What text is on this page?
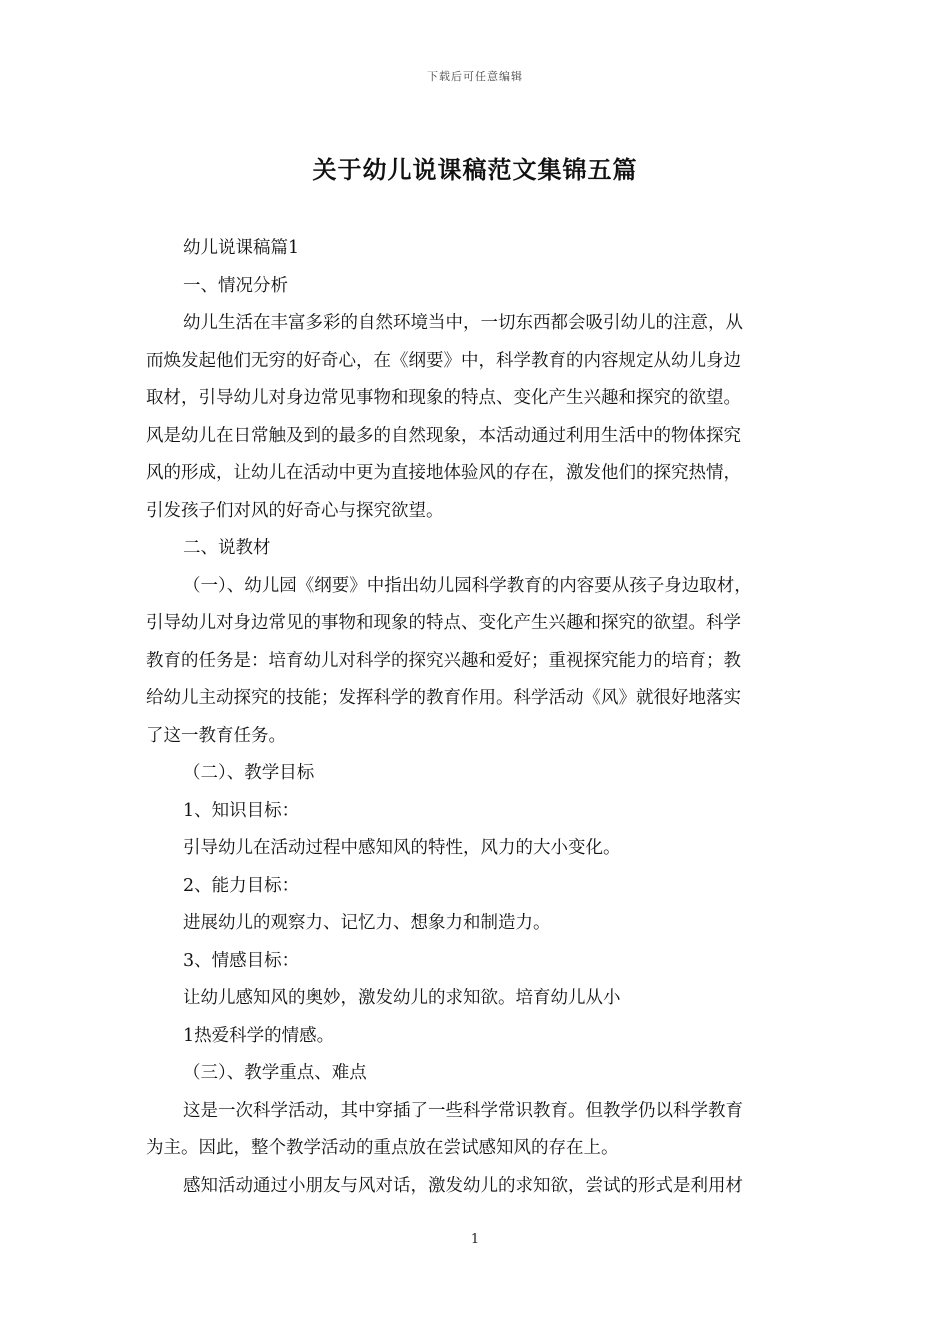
下载后可任意编辑
关于幼儿说课稿范文集锦五篇
幼儿说课稿篇1
一、情况分析
幼儿生活在丰富多彩的自然环境当中，一切东西都会吸引幼儿的注意，从
而焕发起他们无穷的好奇心，在《纲要》中，科学教育的内容规定从幼儿身边
取材，引导幼儿对身边常见事物和现象的特点、变化产生兴趣和探究的欲望。
风是幼儿在日常触及到的最多的自然现象，本活动通过利用生活中的物体探究
风的形成，让幼儿在活动中更为直接地体验风的存在，激发他们的探究热情，
引发孩子们对风的好奇心与探究欲望。
二、说教材
（一）、幼儿园《纲要》中指出幼儿园科学教育的内容要从孩子身边取材，
引导幼儿对身边常见的事物和现象的特点、变化产生兴趣和探究的欲望。科学
教育的任务是：培育幼儿对科学的探究兴趣和爱好；重视探究能力的培育；教
给幼儿主动探究的技能；发挥科学的教育作用。科学活动《风》就很好地落实
了这一教育任务。
（二）、教学目标
1、知识目标：
引导幼儿在活动过程中感知风的特性，风力的大小变化。
2、能力目标：
进展幼儿的观察力、记忆力、想象力和制造力。
3、情感目标：
让幼儿感知风的奥妙，激发幼儿的求知欲。培育幼儿从小
1热爱科学的情感。
（三）、教学重点、难点
这是一次科学活动，其中穿插了一些科学常识教育。但教学仍以科学教育
为主。因此，整个教学活动的重点放在尝试感知风的存在上。
感知活动通过小朋友与风对话，激发幼儿的求知欲，尝试的形式是利用材
1
